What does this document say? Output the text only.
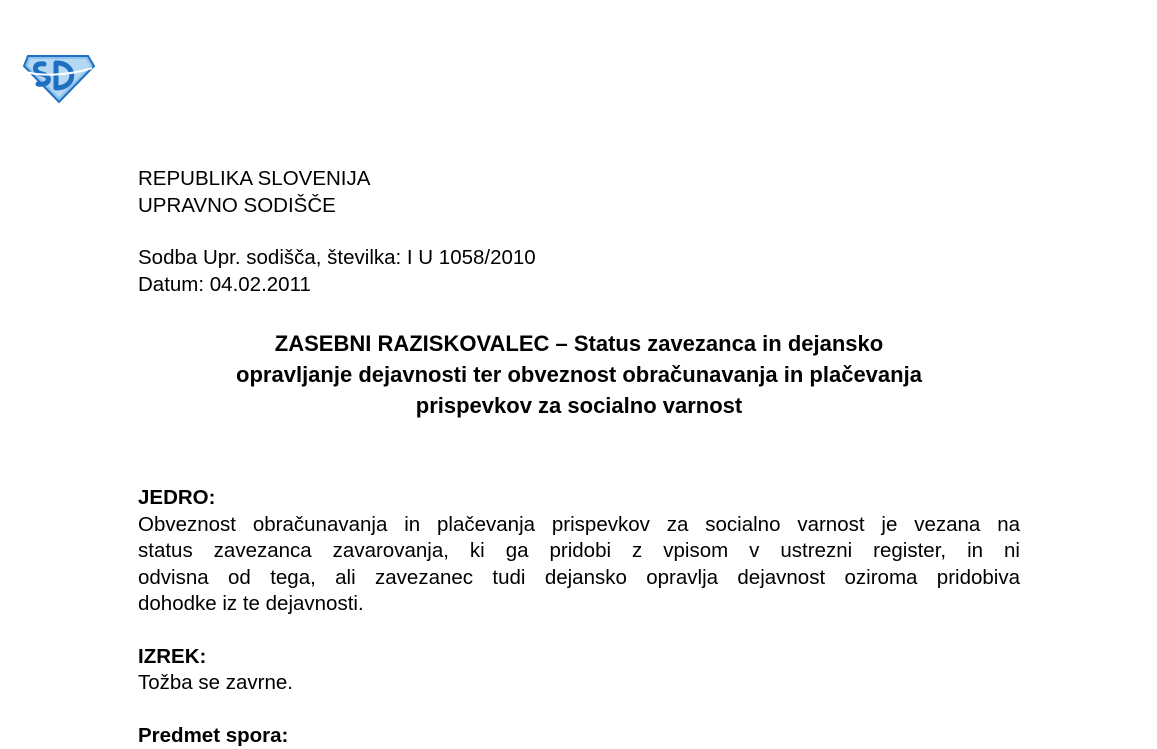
REPUBLIKA SLOVENIJA
UPRAVNO SODIŠČE
Sodba Upr. sodišča, številka: I U 1058/2010
Datum: 04.02.2011
ZASEBNI RAZISKOVALEC – Status zavezanca in dejansko
opravljanje dejavnosti ter obveznost obračunavanja in plačevanja
prispevkov za socialno varnost
JEDRO:
Obveznost obračunavanja in plačevanja prispevkov za socialno varnost je vezana na
status zavezanca zavarovanja, ki ga pridobi z vpisom v ustrezni register, in ni
odvisna od tega, ali zavezanec tudi dejansko opravlja dejavnost oziroma pridobiva
dohodke iz te dejavnosti.
IZREK:
Tožba se zavrne.
Predmet spora:
